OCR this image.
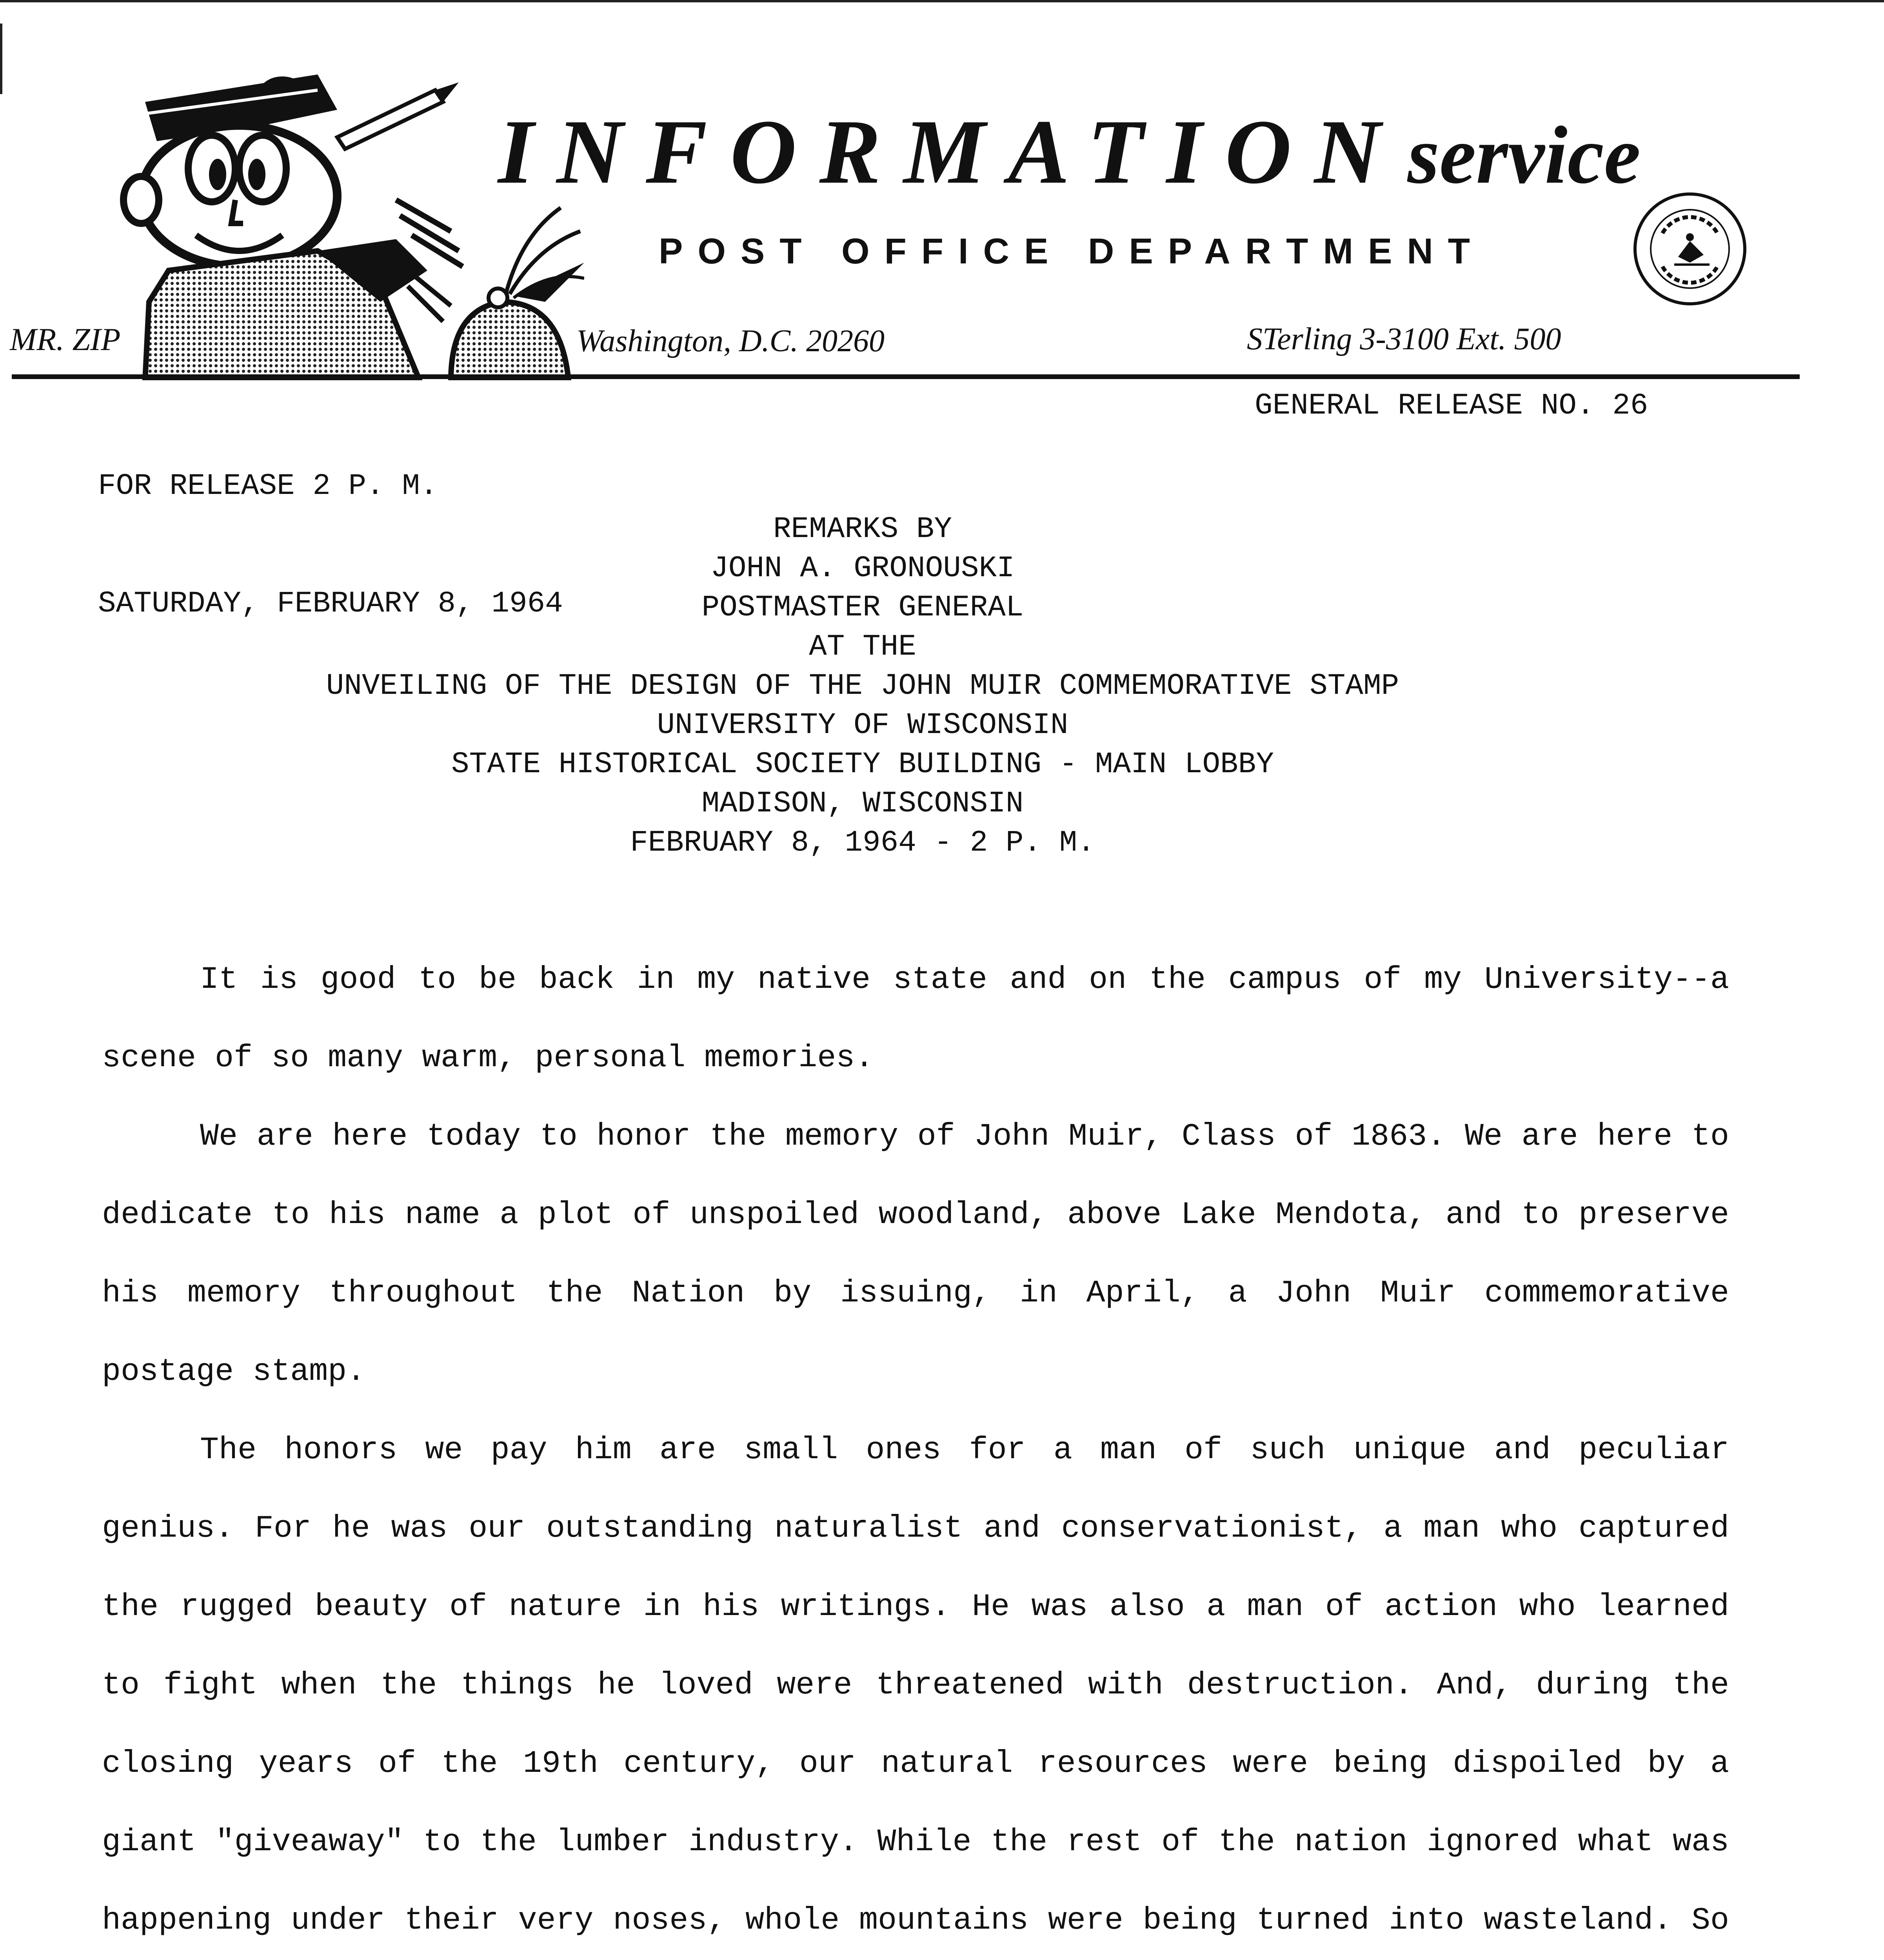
INFORMATIONservice
POST OFFICE DEPARTMENT
MR. ZIP	Washington, D.C. 20260	STerling 3-3100 Ext. 500

FOR RELEASE 2 P. M.

SATURDAY, FEBRUARY 8, 1964

GENERAL RELEASE NO. 26
REMARKS BY
JOHN A. GRONOUSKI
POSTMASTER GENERAL
AT THE
UNVEILING OF THE DESIGN OF THE JOHN MUIR COMMEMORATIVE STAMP
UNIVERSITY OF WISCONSIN
STATE HISTORICAL SOCIETY BUILDING - MAIN LOBBY
MADISON, WISCONSIN
FEBRUARY 8, 1964 - 2 P. M.

It is good to be back in my native state and on the campus of my University--a scene of so many warm, personal memories.

We are here today to honor the memory of John Muir, Class of 1863. We are here to dedicate to his name a plot of unspoiled woodland, above Lake Mendota, and to preserve his memory throughout the Nation by issuing, in April, a John Muir commemorative postage stamp.

The honors we pay him are small ones for a man of such unique and peculiar genius. For he was our outstanding naturalist and conservationist, a man who captured the rugged beauty of nature in his writings. He was also a man of action who learned to fight when the things he loved were threatened with destruction. And, during the closing years of the 19th century, our natural resources were being dispoiled by a giant "giveaway" to the lumber industry. While the rest of the nation ignored what was happening under their very noses, whole mountains were being turned into wasteland. So
